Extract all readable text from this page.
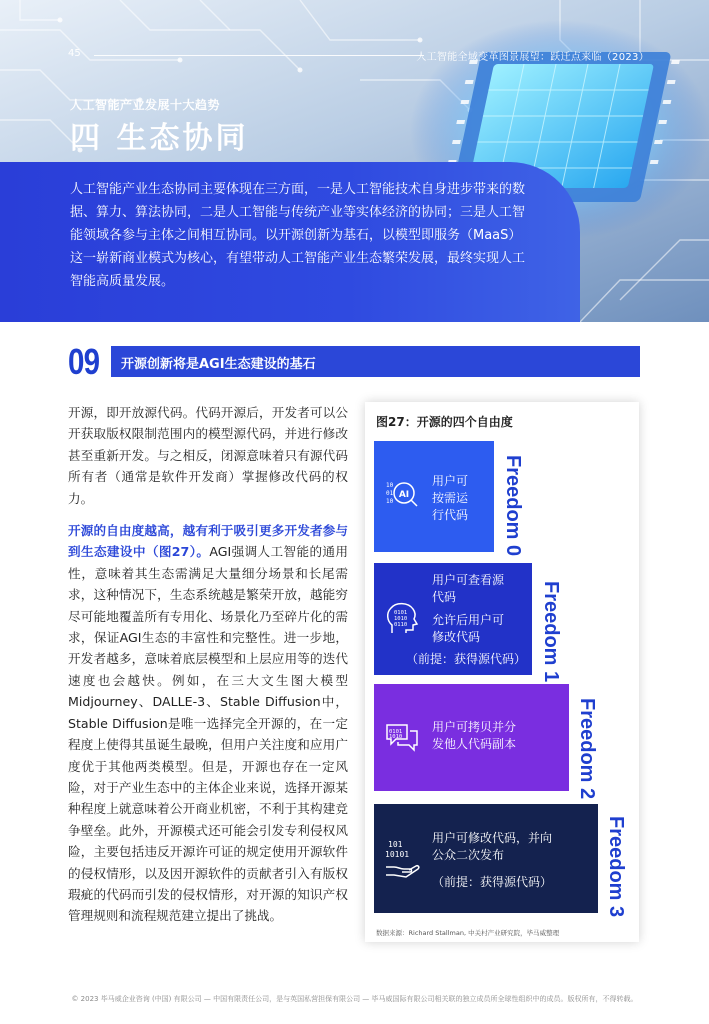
45	人工智能全域变革图景展望：跃迁点来临（2023）
人工智能产业发展十大趋势
四 生态协同
人工智能产业生态协同主要体现在三方面，一是人工智能技术自身进步带来的数据、算力、算法协同，二是人工智能与传统产业等实体经济的协同；三是人工智能领域各参与主体之间相互协同。以开源创新为基石，以模型即服务（MaaS）这一崭新商业模式为核心，有望带动人工智能产业生态繁荣发展，最终实现人工智能高质量发展。
09 开源创新将是AGI生态建设的基石

开源，即开放源代码。代码开源后，开发者可以公开获取版权限制范围内的模型源代码，并进行修改甚至重新开发。与之相反，闭源意味着只有源代码所有者（通常是软件开发商）掌握修改代码的权力。

开源的自由度越高，越有利于吸引更多开发者参与到生态建设中（图27）。AGI强调人工智能的通用性，意味着其生态需满足大量细分场景和长尾需求，这种情况下，生态系统越是繁荣开放，越能穷尽可能地覆盖所有专用化、场景化乃至碎片化的需求，保证AGI生态的丰富性和完整性。进一步地，开发者越多，意味着底层模型和上层应用等的迭代速度也会越快。例如，在三大文生图大模型Midjourney、DALLE-3、Stable Diffusion中，Stable Diffusion是唯一选择完全开源的，在一定程度上使得其虽诞生最晚，但用户关注度和应用广度优于其他两类模型。但是，开源也存在一定风险，对于产业生态中的主体企业来说，选择开源某种程度上就意味着公开商业机密，不利于其构建竞争壁垒。此外，开源模式还可能会引发专利侵权风险，主要包括违反开源许可证的规定使用开源软件的侵权情形，以及因开源软件的贡献者引入有版权瑕疵的代码而引发的侵权情形，对开源的知识产权管理规则和流程规范建立提出了挑战。

图27：开源的四个自由度
AI
10
01
10
用户可
按需运
行代码 Freedom 0
0101
1010
0110
用户可查看源
代码
允许后用户可
修改代码
（前提：获得源代码） Freedom 1
0101
1010
用户可拷贝并分
发他人代码副本	Freedom 2
101
10101
用户可修改代码，并向
公众二次发布
（前提：获得源代码）	Freedom 3
数据来源：Richard Stallman, 中关村产业研究院，毕马威整理
© 2023 毕马威企业咨询 (中国) 有限公司 — 中国有限责任公司，是与英国私营担保有限公司 — 毕马威国际有限公司相关联的独立成员所全球性组织中的成员。版权所有，不得转载。
